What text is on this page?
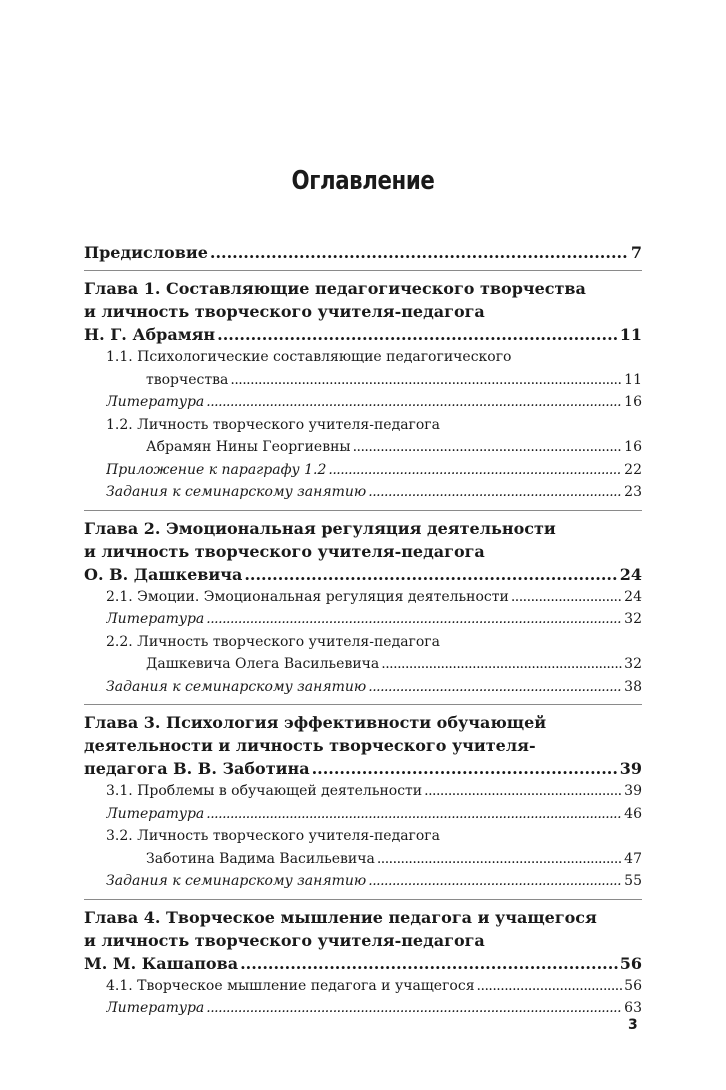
Оглавление
Предисловие .....	7
Глава 1. Составляющие педагогического творчества
и личность творческого учителя-педагога
Н. Г. Абрамян .....	11
1.1. Психологические составляющие педагогического
творчества .....	11
Литература .....	16
1.2. Личность творческого учителя-педагога
Абрамян Нины Георгиевны .....	16
Приложение к параграфу 1.2 .....	22
Задания к семинарскому занятию .....	23
Глава 2. Эмоциональная регуляция деятельности
и личность творческого учителя-педагога
О. В. Дашкевича .....	24
2.1. Эмоции. Эмоциональная регуляция деятельности .....	24
Литература .....	32
2.2. Личность творческого учителя-педагога
Дашкевича Олега Васильевича .....	32
Задания к семинарскому занятию .....	38
Глава 3. Психология эффективности обучающей
деятельности и личность творческого учителя-
педагога В. В. Заботина .....	39
3.1. Проблемы в обучающей деятельности .....	39
Литература .....	46
3.2. Личность творческого учителя-педагога
Заботина Вадима Васильевича .....	47
Задания к семинарскому занятию .....	55
Глава 4. Творческое мышление педагога и учащегося
и личность творческого учителя-педагога
М. М. Кашапова .....	56
4.1. Творческое мышление педагога и учащегося .....	56
Литература .....	63
3
